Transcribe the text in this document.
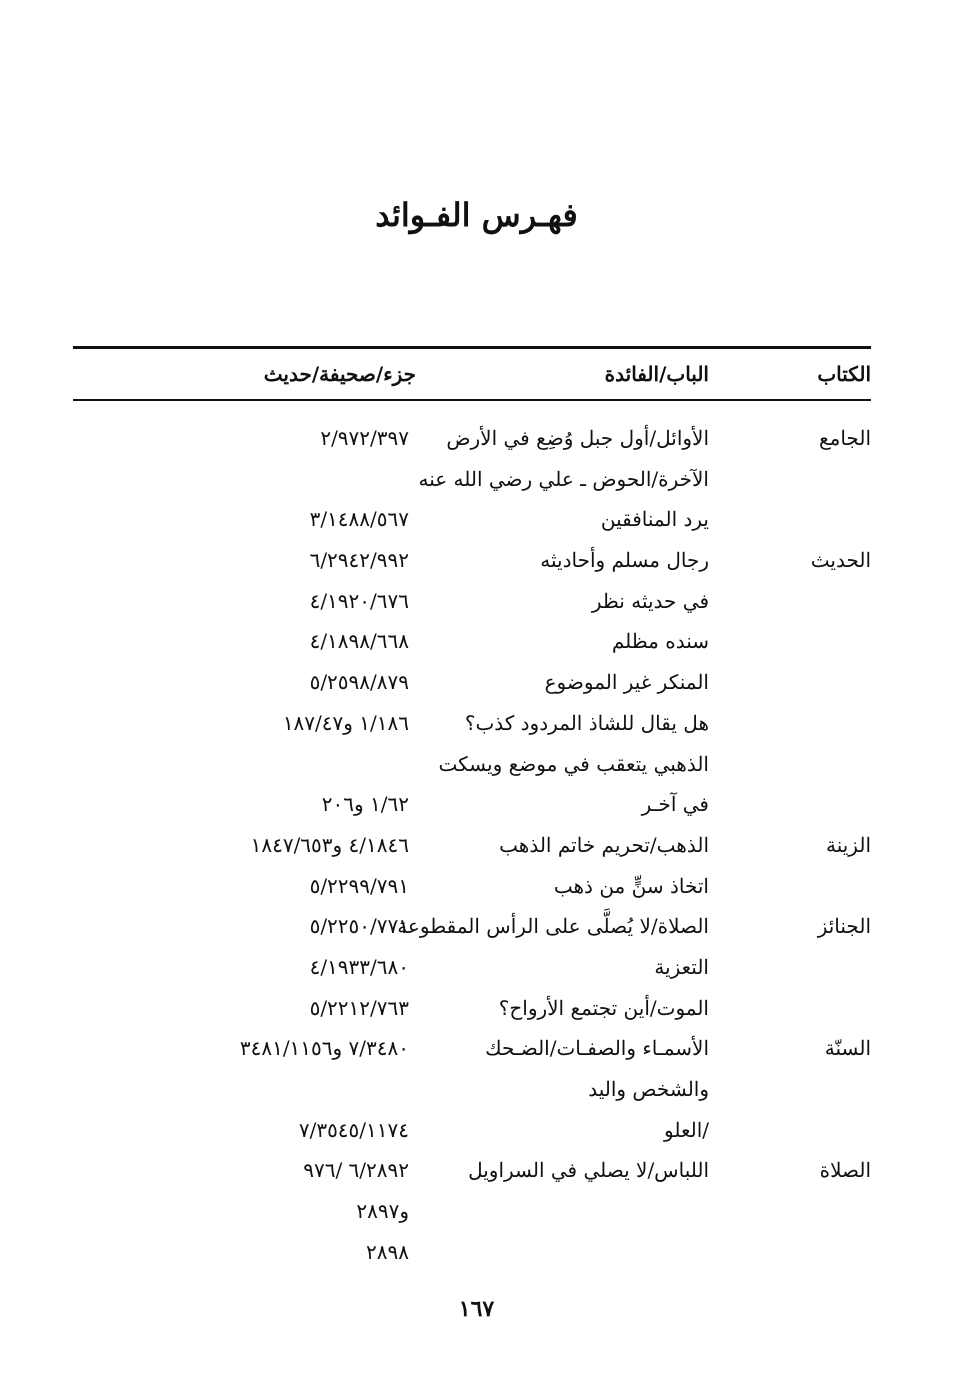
فهـرس الفـوائد
الكتاب
الباب/الفائدة
جزء/صحيفة/حديث
الجامع
الأوائل/أول جبل وُضِع في الأرض
٢/٩٧٢/٣٩٧
الآخرة/الحوض ـ علي رضي الله عنه
يرد المنافقين
٣/١٤٨٨/٥٦٧
الحديث
رجال مسلم وأحاديثه
٦/٢٩٤٢/٩٩٢
في حديثه نظر
٤/١٩٢٠/٦٧٦
سنده مظلم
٤/١٨٩٨/٦٦٨
المنكر غير الموضوع
٥/٢٥٩٨/٨٧٩
هل يقال للشاذ المردود كذب؟
١/١٨٦ و١٨٧/٤٧
الذهبي يتعقب في موضع ويسكت
في آخـر
١/٦٢ و٢٠٦
الزينة
الذهب/تحريم خاتم الذهب
٤/١٨٤٦ و١٨٤٧/٦٥٣
اتخاذ سنٍّ من ذهب
٥/٢٢٩٩/٧٩١
الجنائز
الصلاة/لا يُصلَّى على الرأس المقطوعة
٥/٢٢٥٠/٧٧١
التعزية
٤/١٩٣٣/٦٨٠
الموت/أين تجتمع الأرواح؟
٥/٢٢١٢/٧٦٣
السنّة
الأسمـاء والصفـات/الضـحك
٧/٣٤٨٠ و٣٤٨١/١١٥٦
والشخص واليد
/العلو
٧/٣٥٤٥/١١٧٤
الصلاة
اللباس/لا يصلي في السراويل
٦/٢٨٩٢ /٩٧٦
و٢٨٩٧
٢٨٩٨
١٦٧
